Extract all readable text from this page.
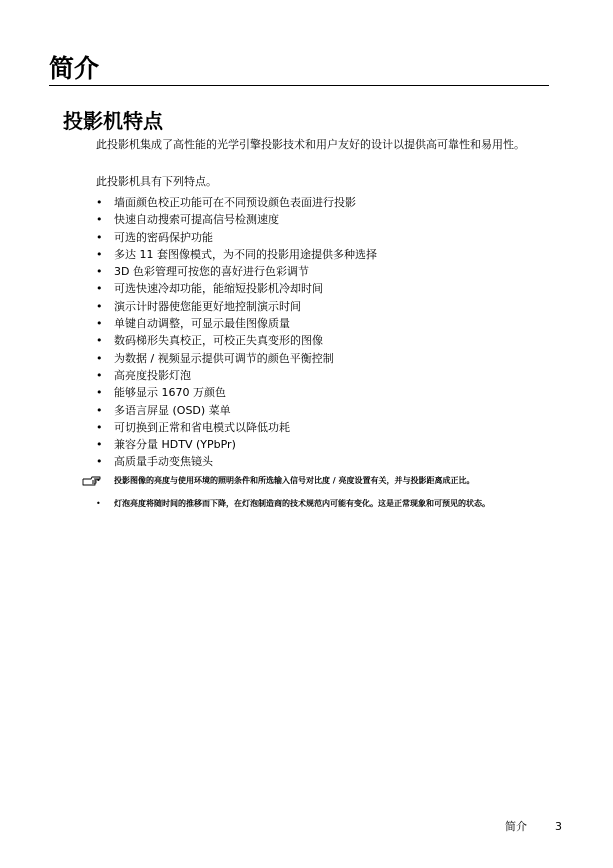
简介
投影机特点

此投影机集成了高性能的光学引擎投影技术和用户友好的设计以提供高可靠性和易用性。

此投影机具有下列特点。

• 墙面颜色校正功能可在不同预设颜色表面进行投影
• 快速自动搜索可提高信号检测速度
• 可选的密码保护功能
• 多达 11 套图像模式，为不同的投影用途提供多种选择
• 3D 色彩管理可按您的喜好进行色彩调节
• 可选快速冷却功能，能缩短投影机冷却时间
• 演示计时器使您能更好地控制演示时间
• 单键自动调整，可显示最佳图像质量
• 数码梯形失真校正，可校正失真变形的图像
• 为数据 / 视频显示提供可调节的颜色平衡控制
• 高亮度投影灯泡
• 能够显示 1670 万颜色
• 多语言屏显 (OSD) 菜单
• 可切换到正常和省电模式以降低功耗
• 兼容分量 HDTV (YPbPr)
• 高质量手动变焦镜头
• 投影图像的亮度与使用环境的照明条件和所选输入信号对比度 / 亮度设置有关，并与投影距离成正比。
• 灯泡亮度将随时间的推移而下降，在灯泡制造商的技术规范内可能有变化。这是正常现象和可预见的状态。
简介	3
